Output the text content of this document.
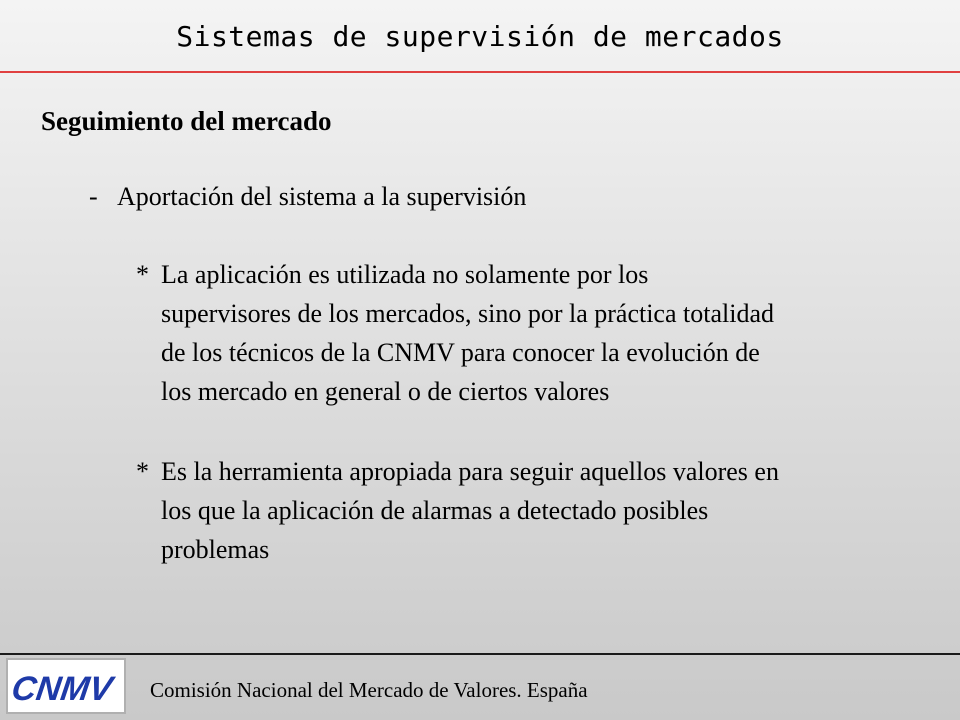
Sistemas de supervisión de mercados
Seguimiento del mercado
- Aportación del sistema a la supervisión
* La aplicación es utilizada no solamente por los
supervisores de los mercados, sino por la práctica totalidad
de los técnicos de la CNMV para conocer la evolución de
los mercado en general o de ciertos valores
* Es la herramienta apropiada para seguir aquellos valores en
los que la aplicación de alarmas a detectado posibles
problemas
CNMV Comisión Nacional del Mercado de Valores. España
